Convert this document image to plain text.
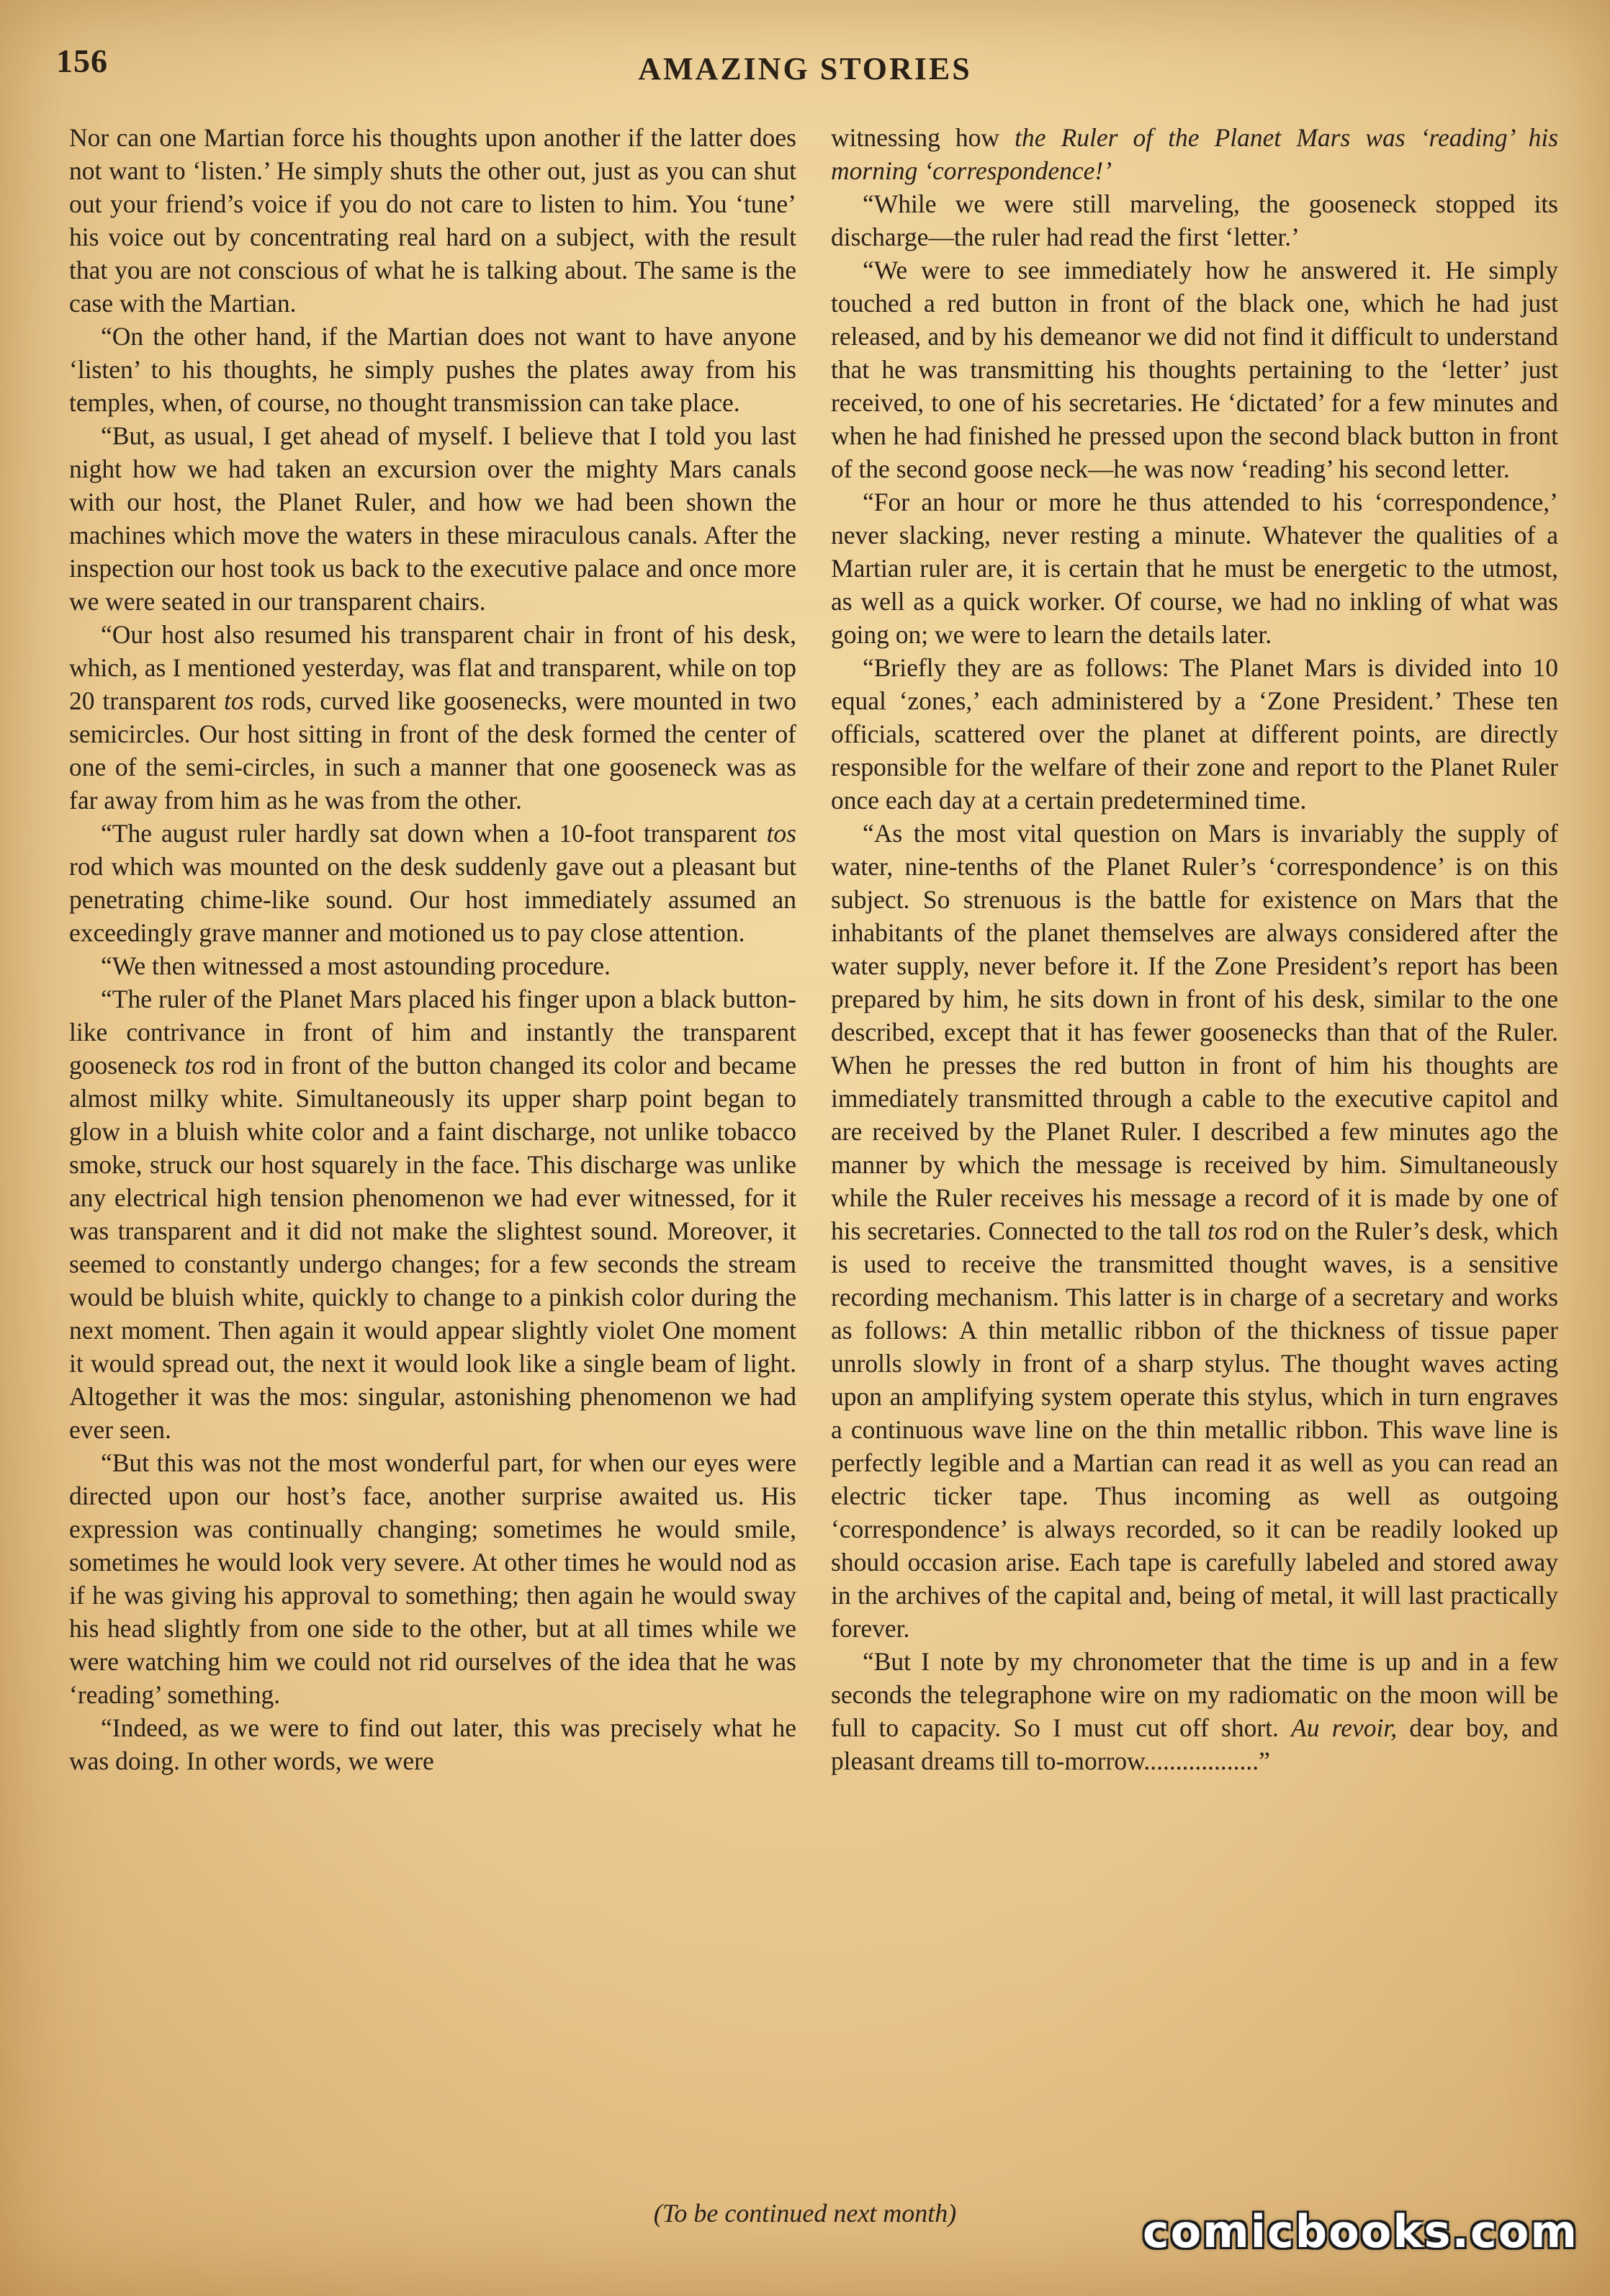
156	AMAZING STORIES

Nor can one Martian force his thoughts upon another if the latter does not want to ‘listen.’ He simply shuts the other out, just as you can shut out your friend’s voice if you do not care to listen to him. You ‘tune’ his voice out by concentrating real hard on a subject, with the result that you are not conscious of what he is talking about. The same is the case with the Martian.

“On the other hand, if the Martian does not want to have anyone ‘listen’ to his thoughts, he simply pushes the plates away from his temples, when, of course, no thought transmission can take place.

“But, as usual, I get ahead of myself. I believe that I told you last night how we had taken an excursion over the mighty Mars canals with our host, the Planet Ruler, and how we had been shown the machines which move the waters in these miraculous canals. After the inspection our host took us back to the executive palace and once more we were seated in our transparent chairs.

“Our host also resumed his transparent chair in front of his desk, which, as I mentioned yesterday, was flat and transparent, while on top 20 transparent tos rods, curved like goosenecks, were mounted in two semicircles. Our host sitting in front of the desk formed the center of one of the semi-circles, in such a manner that one gooseneck was as far away from him as he was from the other.

“The august ruler hardly sat down when a 10-foot transparent tos rod which was mounted on the desk suddenly gave out a pleasant but penetrating chime-like sound. Our host immediately assumed an exceedingly grave manner and motioned us to pay close attention.

“We then witnessed a most astounding procedure.

“The ruler of the Planet Mars placed his finger upon a black button-like contrivance in front of him and instantly the transparent gooseneck tos rod in front of the button changed its color and became almost milky white. Simultaneously its upper sharp point began to glow in a bluish white color and a faint discharge, not unlike tobacco smoke, struck our host squarely in the face. This discharge was unlike any electrical high tension phenomenon we had ever witnessed, for it was transparent and it did not make the slightest sound. Moreover, it seemed to constantly undergo changes; for a few seconds the stream would be bluish white, quickly to change to a pinkish color during the next moment. Then again it would appear slightly violet One moment it would spread out, the next it would look like a single beam of light. Altogether it was the mos: singular, astonishing phenomenon we had ever seen.

“But this was not the most wonderful part, for when our eyes were directed upon our host’s face, another surprise awaited us. His expression was continually changing; sometimes he would smile, sometimes he would look very severe. At other times he would nod as if he was giving his approval to something; then again he would sway his head slightly from one side to the other, but at all times while we were watching him we could not rid ourselves of the idea that he was ‘reading’ something.

“Indeed, as we were to find out later, this was precisely what he was doing. In other words, we were

witnessing how the Ruler of the Planet Mars was ‘reading’ his morning ‘correspondence!’

“While we were still marveling, the gooseneck stopped its discharge—the ruler had read the first ‘letter.’

“We were to see immediately how he answered it. He simply touched a red button in front of the black one, which he had just released, and by his demeanor we did not find it difficult to understand that he was transmitting his thoughts pertaining to the ‘letter’ just received, to one of his secretaries. He ‘dictated’ for a few minutes and when he had finished he pressed upon the second black button in front of the second goose neck—he was now ‘reading’ his second letter.

“For an hour or more he thus attended to his ‘correspondence,’ never slacking, never resting a minute. Whatever the qualities of a Martian ruler are, it is certain that he must be energetic to the utmost, as well as a quick worker. Of course, we had no inkling of what was going on; we were to learn the details later.

“Briefly they are as follows: The Planet Mars is divided into 10 equal ‘zones,’ each administered by a ‘Zone President.’ These ten officials, scattered over the planet at different points, are directly responsible for the welfare of their zone and report to the Planet Ruler once each day at a certain predetermined time.

“As the most vital question on Mars is invariably the supply of water, nine-tenths of the Planet Ruler’s ‘correspondence’ is on this subject. So strenuous is the battle for existence on Mars that the inhabitants of the planet themselves are always considered after the water supply, never before it. If the Zone President’s report has been prepared by him, he sits down in front of his desk, similar to the one described, except that it has fewer goosenecks than that of the Ruler. When he presses the red button in front of him his thoughts are immediately transmitted through a cable to the executive capitol and are received by the Planet Ruler. I described a few minutes ago the manner by which the message is received by him. Simultaneously while the Ruler receives his message a record of it is made by one of his secretaries. Connected to the tall tos rod on the Ruler’s desk, which is used to receive the transmitted thought waves, is a sensitive recording mechanism. This latter is in charge of a secretary and works as follows: A thin metallic ribbon of the thickness of tissue paper unrolls slowly in front of a sharp stylus. The thought waves acting upon an amplifying system operate this stylus, which in turn engraves a continuous wave line on the thin metallic ribbon. This wave line is perfectly legible and a Martian can read it as well as you can read an electric ticker tape. Thus incoming as well as outgoing ‘correspondence’ is always recorded, so it can be readily looked up should occasion arise. Each tape is carefully labeled and stored away in the archives of the capital and, being of metal, it will last practically forever.

“But I note by my chronometer that the time is up and in a few seconds the telegraphone wire on my radiomatic on the moon will be full to capacity. So I must cut off short. Au revoir, dear boy, and pleasant dreams till to-morrow..................”

(To be continued next month)	comicbooks.com
